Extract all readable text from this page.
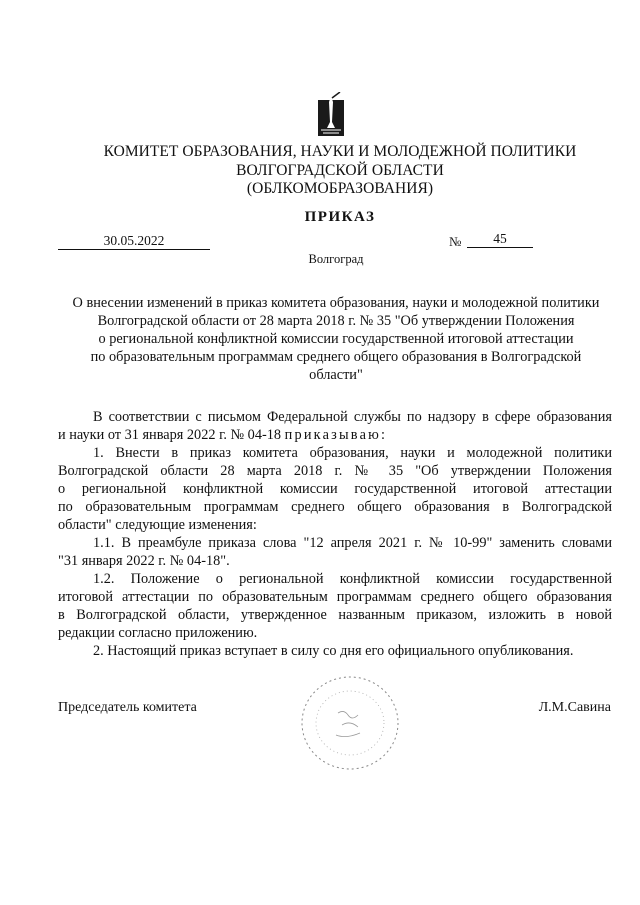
КОМИТЕТ ОБРАЗОВАНИЯ, НАУКИ И МОЛОДЕЖНОЙ ПОЛИТИКИ
ВОЛГОГРАДСКОЙ ОБЛАСТИ
(ОБЛКОМОБРАЗОВАНИЯ)
ПРИКАЗ
30.05.2022	№	45
Волгоград
О внесении изменений в приказ комитета образования, науки и молодежной политики
Волгоградской области от 28 марта 2018 г. № 35 "Об утверждении Положения
о региональной конфликтной комиссии государственной итоговой аттестации
по образовательным программам среднего общего образования в Волгоградской
области"
В соответствии с письмом Федеральной службы по надзору в сфере образования
и науки от 31 января 2022 г. № 04-18 приказываю:
1. Внести в приказ комитета образования, науки и молодежной политики
Волгоградской области 28 марта 2018 г. № 35 "Об утверждении Положения
о региональной конфликтной комиссии государственной итоговой аттестации
по образовательным программам среднего общего образования в Волгоградской
области" следующие изменения:
1.1. В преамбуле приказа слова "12 апреля 2021 г. № 10-99" заменить словами
"31 января 2022 г. № 04-18".
1.2. Положение о региональной конфликтной комиссии государственной
итоговой аттестации по образовательным программам среднего общего образования
в Волгоградской области, утвержденное названным приказом, изложить в новой
редакции согласно приложению.
2. Настоящий приказ вступает в силу со дня его официального опубликования.
Председатель комитета	Л.М.Савина
